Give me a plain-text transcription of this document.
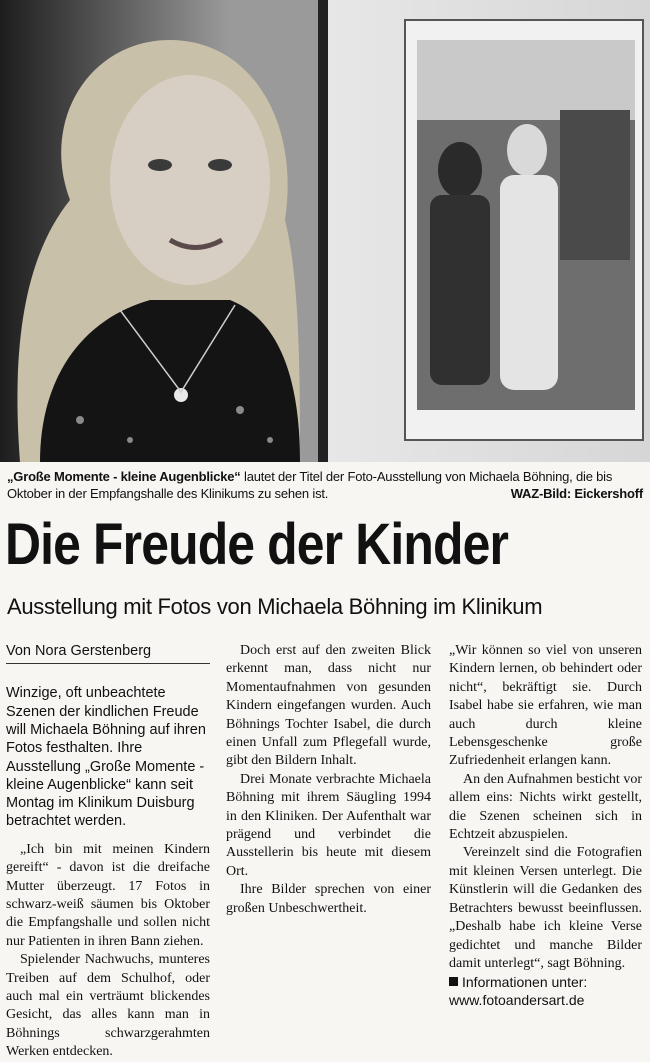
„Große Momente - kleine Augenblicke“ lautet der Titel der Foto-Ausstellung von Michaela Böhning, die bis Oktober in der Empfangshalle des Klinikums zu sehen ist.	WAZ-Bild: Eickershoff
Die Freude der Kinder
Ausstellung mit Fotos von Michaela Böhning im Klinikum

Von Nora Gerstenberg

Winzige, oft unbeachtete Szenen der kindlichen Freude will Michaela Böhning auf ihren Fotos festhalten. Ihre Ausstellung „Große Momente - kleine Augenblicke“ kann seit Montag im Klinikum Duisburg betrachtet werden.

„Ich bin mit meinen Kindern gereift“ - davon ist die dreifache Mutter überzeugt. 17 Fotos in schwarz-weiß säumen bis Oktober die Empfangshalle und sollen nicht nur Patienten in ihren Bann ziehen.

Spielender Nachwuchs, munteres Treiben auf dem Schulhof, oder auch mal ein verträumt blickendes Gesicht, das alles kann man in Böhnings schwarzgerahmten Werken entdecken.

Doch erst auf den zweiten Blick erkennt man, dass nicht nur Momentaufnahmen von gesunden Kindern eingefangen wurden. Auch Böhnings Tochter Isabel, die durch einen Unfall zum Pflegefall wurde, gibt den Bildern Inhalt.

Drei Monate verbrachte Michaela Böhning mit ihrem Säugling 1994 in den Kliniken. Der Aufenthalt war prägend und verbindet die Ausstellerin bis heute mit diesem Ort.

Ihre Bilder sprechen von einer großen Unbeschwertheit.

„Wir können so viel von unseren Kindern lernen, ob behindert oder nicht“, bekräftigt sie. Durch Isabel habe sie erfahren, wie man auch durch kleine Lebensgeschenke große Zufriedenheit erlangen kann.

An den Aufnahmen besticht vor allem eins: Nichts wirkt gestellt, die Szenen scheinen sich in Echtzeit abzuspielen.

Vereinzelt sind die Fotografien mit kleinen Versen unterlegt. Die Künstlerin will die Gedanken des Betrachters bewusst beeinflussen. „Deshalb habe ich kleine Verse gedichtet und manche Bilder damit unterlegt“, sagt Böhning.

Informationen unter: www.fotoandersart.de
